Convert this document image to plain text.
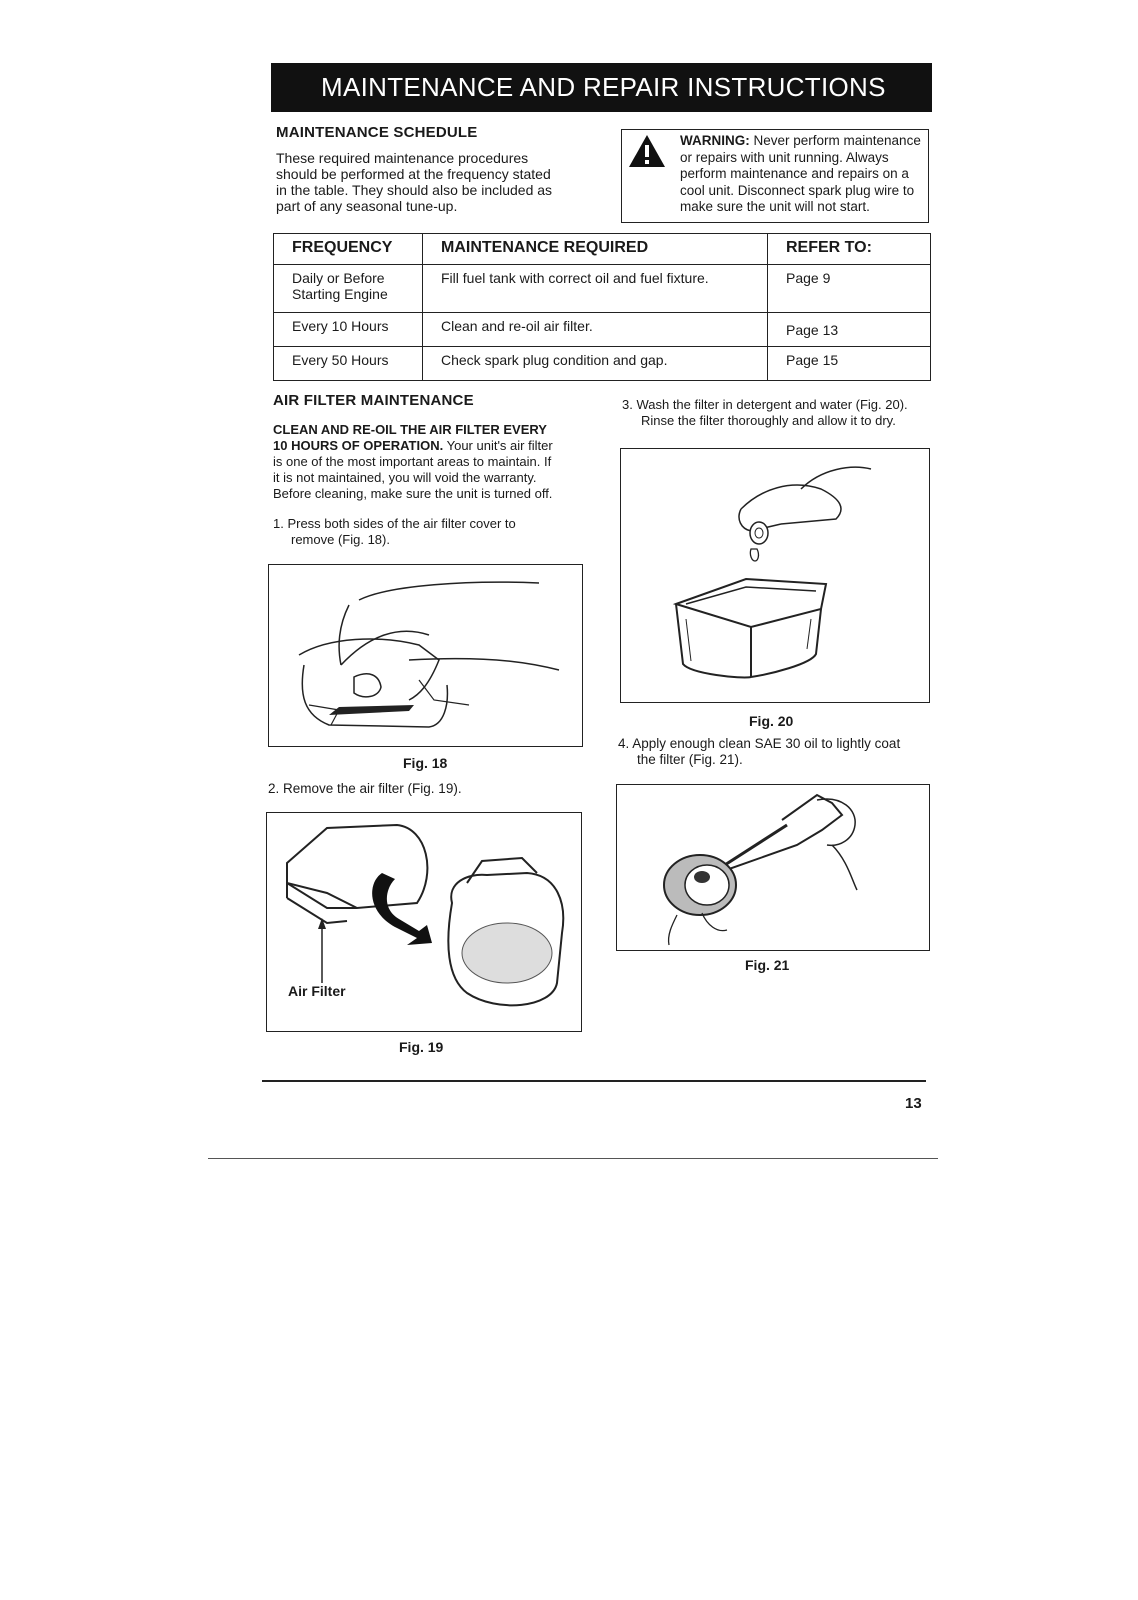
MAINTENANCE AND REPAIR INSTRUCTIONS
MAINTENANCE SCHEDULE
These required maintenance procedures
should be performed at the frequency stated
in the table. They should also be included as
part of any seasonal tune-up.
WARNING: Never perform maintenance
or repairs with unit running. Always
perform maintenance and repairs on a
cool unit. Disconnect spark plug wire to
make sure the unit will not start.
FREQUENCY	MAINTENANCE REQUIRED	REFER TO:

Daily or Before
Starting Engine	Fill fuel tank with correct oil and fuel fixture.	Page 9
Every 10 Hours	Clean and re-oil air filter.	Page 13
Every 50 Hours	Check spark plug condition and gap.	Page 15
AIR FILTER MAINTENANCE
CLEAN AND RE-OIL THE AIR FILTER EVERY
10 HOURS OF OPERATION. Your unit's air filter
is one of the most important areas to maintain. If
it is not maintained, you will void the warranty.
Before cleaning, make sure the unit is turned off.
1. Press both sides of the air filter cover to
remove (Fig. 18).
Fig. 18
2. Remove the air filter (Fig. 19).
Air Filter
Fig. 19
3. Wash the filter in detergent and water (Fig. 20).
Rinse the filter thoroughly and allow it to dry.
Fig. 20
4. Apply enough clean SAE 30 oil to lightly coat
the filter (Fig. 21).
Fig. 21
13
